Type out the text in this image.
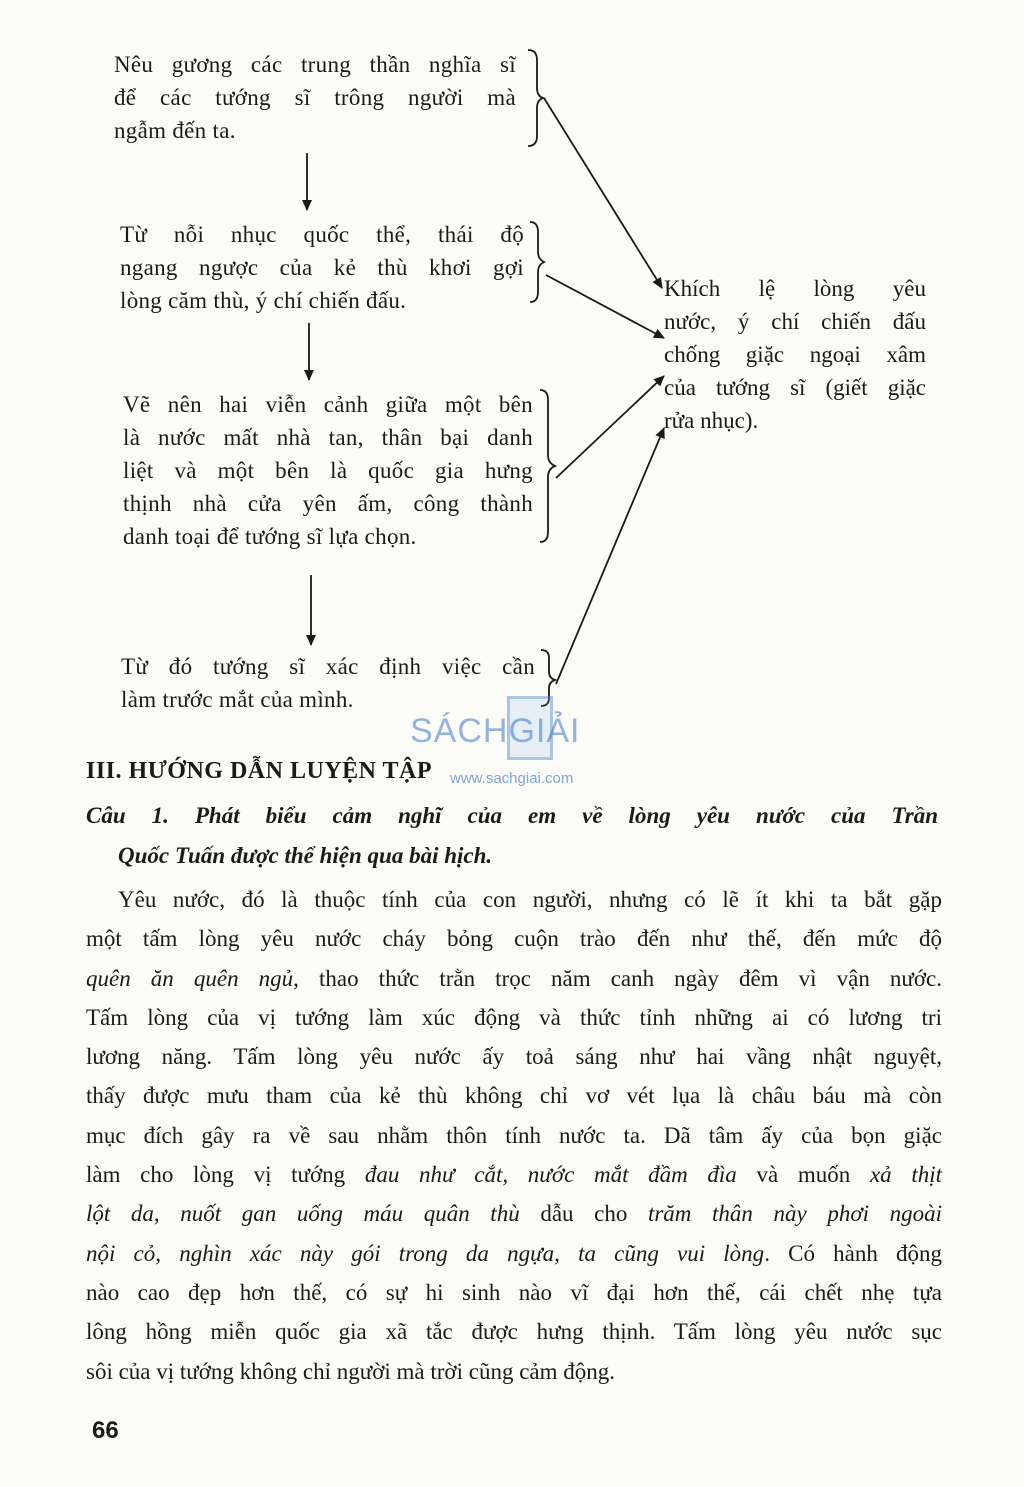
Nêu gương các trung thần nghĩa sĩ
để các tướng sĩ trông người mà
ngẫm đến ta.
Từ nỗi nhục quốc thể, thái độ
ngang ngược của kẻ thù khơi gợi
lòng căm thù, ý chí chiến đấu.
Vẽ nên hai viễn cảnh giữa một bên
là nước mất nhà tan, thân bại danh
liệt và một bên là quốc gia hưng
thịnh nhà cửa yên ấm, công thành
danh toại để tướng sĩ lựa chọn.
Từ đó tướng sĩ xác định việc cần
làm trước mắt của mình.
Khích lệ lòng yêu
nước, ý chí chiến đấu
chống giặc ngoại xâm
của tướng sĩ (giết giặc
rửa nhục).
SÁCHGIẢI
www.sachgiai.com
III. HƯỚNG DẪN LUYỆN TẬP
Câu 1. Phát biểu cảm nghĩ của em về lòng yêu nước của Trần
Quốc Tuấn được thể hiện qua bài hịch.
Yêu nước, đó là thuộc tính của con người, nhưng có lẽ ít khi ta bắt gặp
một tấm lòng yêu nước cháy bỏng cuộn trào đến như thế, đến mức độ
quên ăn quên ngủ, thao thức trằn trọc năm canh ngày đêm vì vận nước.
Tấm lòng của vị tướng làm xúc động và thức tỉnh những ai có lương tri
lương năng. Tấm lòng yêu nước ấy toả sáng như hai vầng nhật nguyệt,
thấy được mưu tham của kẻ thù không chỉ vơ vét lụa là châu báu mà còn
mục đích gây ra về sau nhằm thôn tính nước ta. Dã tâm ấy của bọn giặc
làm cho lòng vị tướng đau như cắt, nước mắt đầm đìa và muốn xả thịt
lột da, nuốt gan uống máu quân thù dẫu cho trăm thân này phơi ngoài
nội cỏ, nghìn xác này gói trong da ngựa, ta cũng vui lòng. Có hành động
nào cao đẹp hơn thế, có sự hi sinh nào vĩ đại hơn thế, cái chết nhẹ tựa
lông hồng miễn quốc gia xã tắc được hưng thịnh. Tấm lòng yêu nước sục
sôi của vị tướng không chỉ người mà trời cũng cảm động.
66
